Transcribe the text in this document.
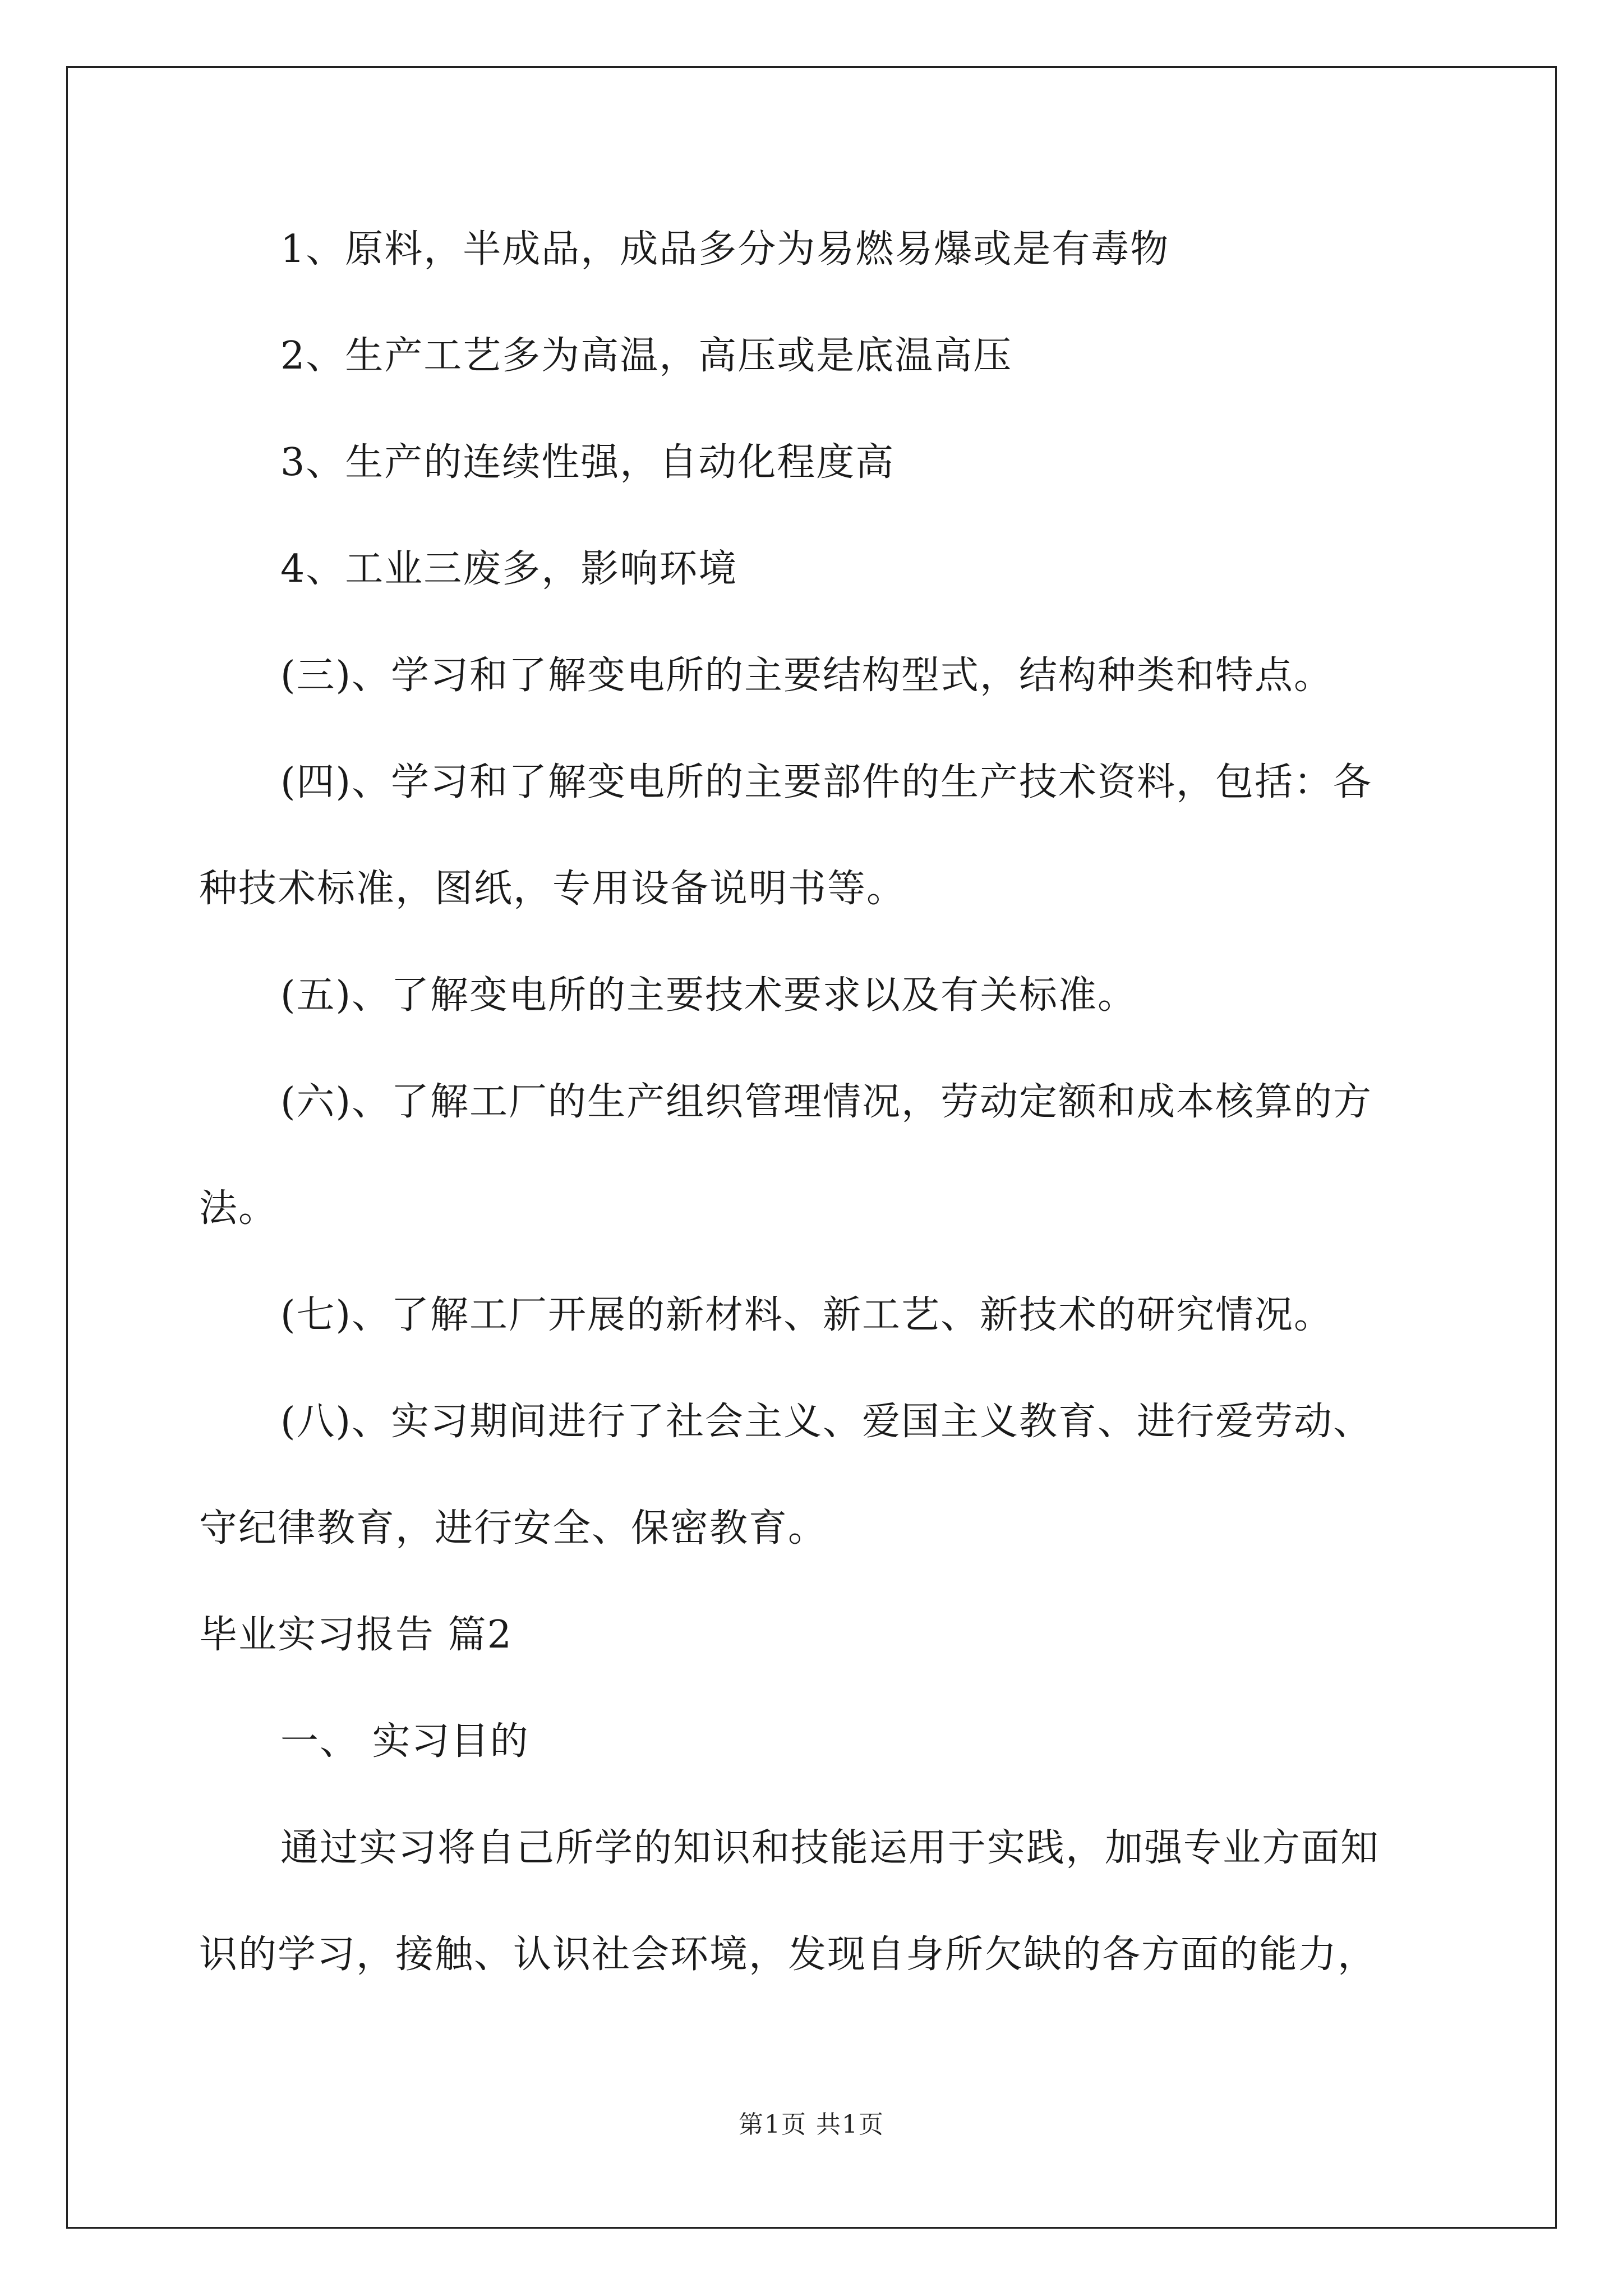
1、原料，半成品，成品多分为易燃易爆或是有毒物
2、生产工艺多为高温，高压或是底温高压
3、生产的连续性强，自动化程度高
4、工业三废多，影响环境
(三)、学习和了解变电所的主要结构型式，结构种类和特点。
(四)、学习和了解变电所的主要部件的生产技术资料，包括：各
种技术标准，图纸，专用设备说明书等。
(五)、了解变电所的主要技术要求以及有关标准。
(六)、了解工厂的生产组织管理情况，劳动定额和成本核算的方
法。
(七)、了解工厂开展的新材料、新工艺、新技术的研究情况。
(八)、实习期间进行了社会主义、爱国主义教育、进行爱劳动、
守纪律教育，进行安全、保密教育。
毕业实习报告 篇2
一、 实习目的
通过实习将自己所学的知识和技能运用于实践，加强专业方面知
识的学习，接触、认识社会环境，发现自身所欠缺的各方面的能力，
第1页 共1页
